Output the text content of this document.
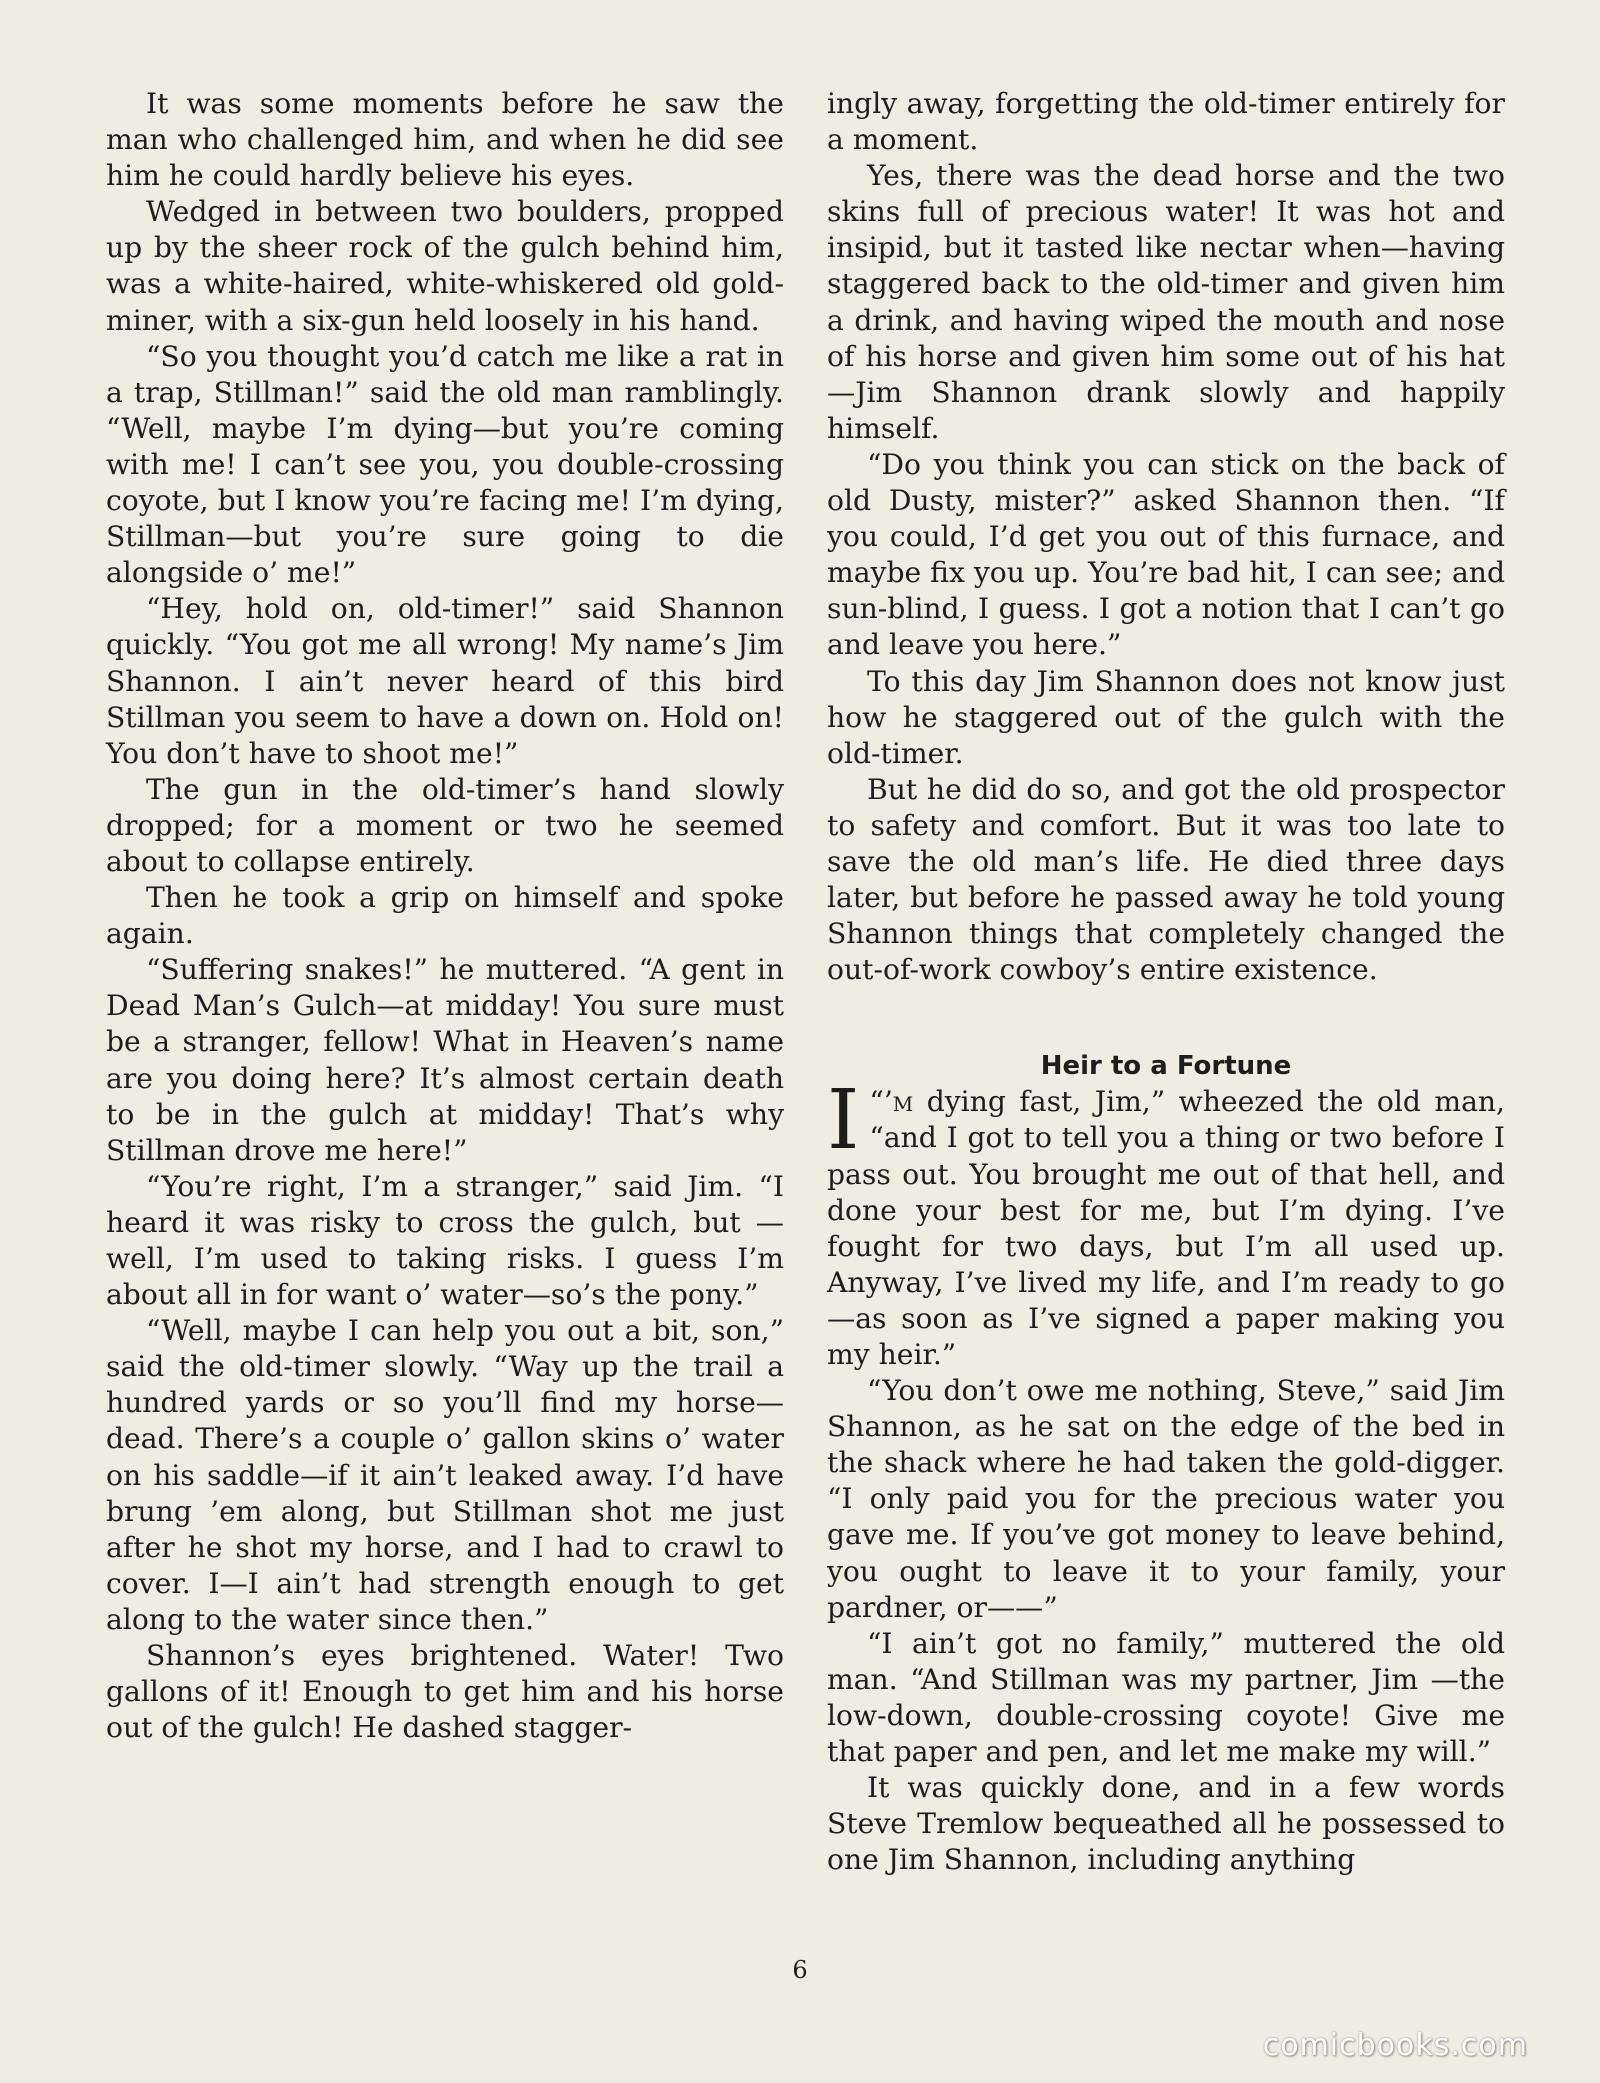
It was some moments before he saw the man who challenged him, and when he did see him he could hardly believe his eyes.

Wedged in between two boulders, propped up by the sheer rock of the gulch behind him, was a white-haired, white-whiskered old gold-miner, with a six-gun held loosely in his hand.

“So you thought you’d catch me like a rat in a trap, Stillman!” said the old man ramblingly. “Well, maybe I’m dying—but you’re coming with me! I can’t see you, you double-crossing coyote, but I know you’re facing me! I’m dying, Stillman—but you’re sure going to die alongside o’ me!”

“Hey, hold on, old-timer!” said Shannon quickly. “You got me all wrong! My name’s Jim Shannon. I ain’t never heard of this bird Stillman you seem to have a down on. Hold on! You don’t have to shoot me!”

The gun in the old-timer’s hand slowly dropped; for a moment or two he seemed about to collapse entirely.

Then he took a grip on himself and spoke again.

“Suffering snakes!” he muttered. “A gent in Dead Man’s Gulch—at midday! You sure must be a stranger, fellow! What in Heaven’s name are you doing here? It’s almost certain death to be in the gulch at midday! That’s why Stillman drove me here!”

“You’re right, I’m a stranger,” said Jim. “I heard it was risky to cross the gulch, but —well, I’m used to taking risks. I guess I’m about all in for want o’ water—so’s the pony.”

“Well, maybe I can help you out a bit, son,” said the old-timer slowly. “Way up the trail a hundred yards or so you’ll find my horse—dead. There’s a couple o’ gallon skins o’ water on his saddle—if it ain’t leaked away. I’d have brung ’em along, but Stillman shot me just after he shot my horse, and I had to crawl to cover. I—I ain’t had strength enough to get along to the water since then.”

Shannon’s eyes brightened. Water! Two gallons of it! Enough to get him and his horse out of the gulch! He dashed stagger-

ingly away, forgetting the old-timer entirely for a moment.

Yes, there was the dead horse and the two skins full of precious water! It was hot and insipid, but it tasted like nectar when—having staggered back to the old-timer and given him a drink, and having wiped the mouth and nose of his horse and given him some out of his hat—Jim Shannon drank slowly and happily himself.

“Do you think you can stick on the back of old Dusty, mister?” asked Shannon then. “If you could, I’d get you out of this furnace, and maybe fix you up. You’re bad hit, I can see; and sun-blind, I guess. I got a notion that I can’t go and leave you here.”

To this day Jim Shannon does not know just how he staggered out of the gulch with the old-timer.

But he did do so, and got the old prospector to safety and comfort. But it was too late to save the old man’s life. He died three days later, but before he passed away he told young Shannon things that completely changed the out-of-work cowboy’s entire existence.

Heir to a Fortune

“
I ’m dying fast, Jim,” wheezed the old man, “and I got to tell you a thing or two before I pass out. You brought me out of that hell, and done your best for me, but I’m dying. I’ve fought for two days, but I’m all used up. Anyway, I’ve lived my life, and I’m ready to go—as soon as I’ve signed a paper making you my heir.”

“You don’t owe me nothing, Steve,” said Jim Shannon, as he sat on the edge of the bed in the shack where he had taken the gold-digger. “I only paid you for the precious water you gave me. If you’ve got money to leave behind, you ought to leave it to your family, your pardner, or——”

“I ain’t got no family,” muttered the old man. “And Stillman was my partner, Jim —the low-down, double-crossing coyote! Give me that paper and pen, and let me make my will.”

It was quickly done, and in a few words Steve Tremlow bequeathed all he possessed to one Jim Shannon, including anything

6
comicbooks.com
